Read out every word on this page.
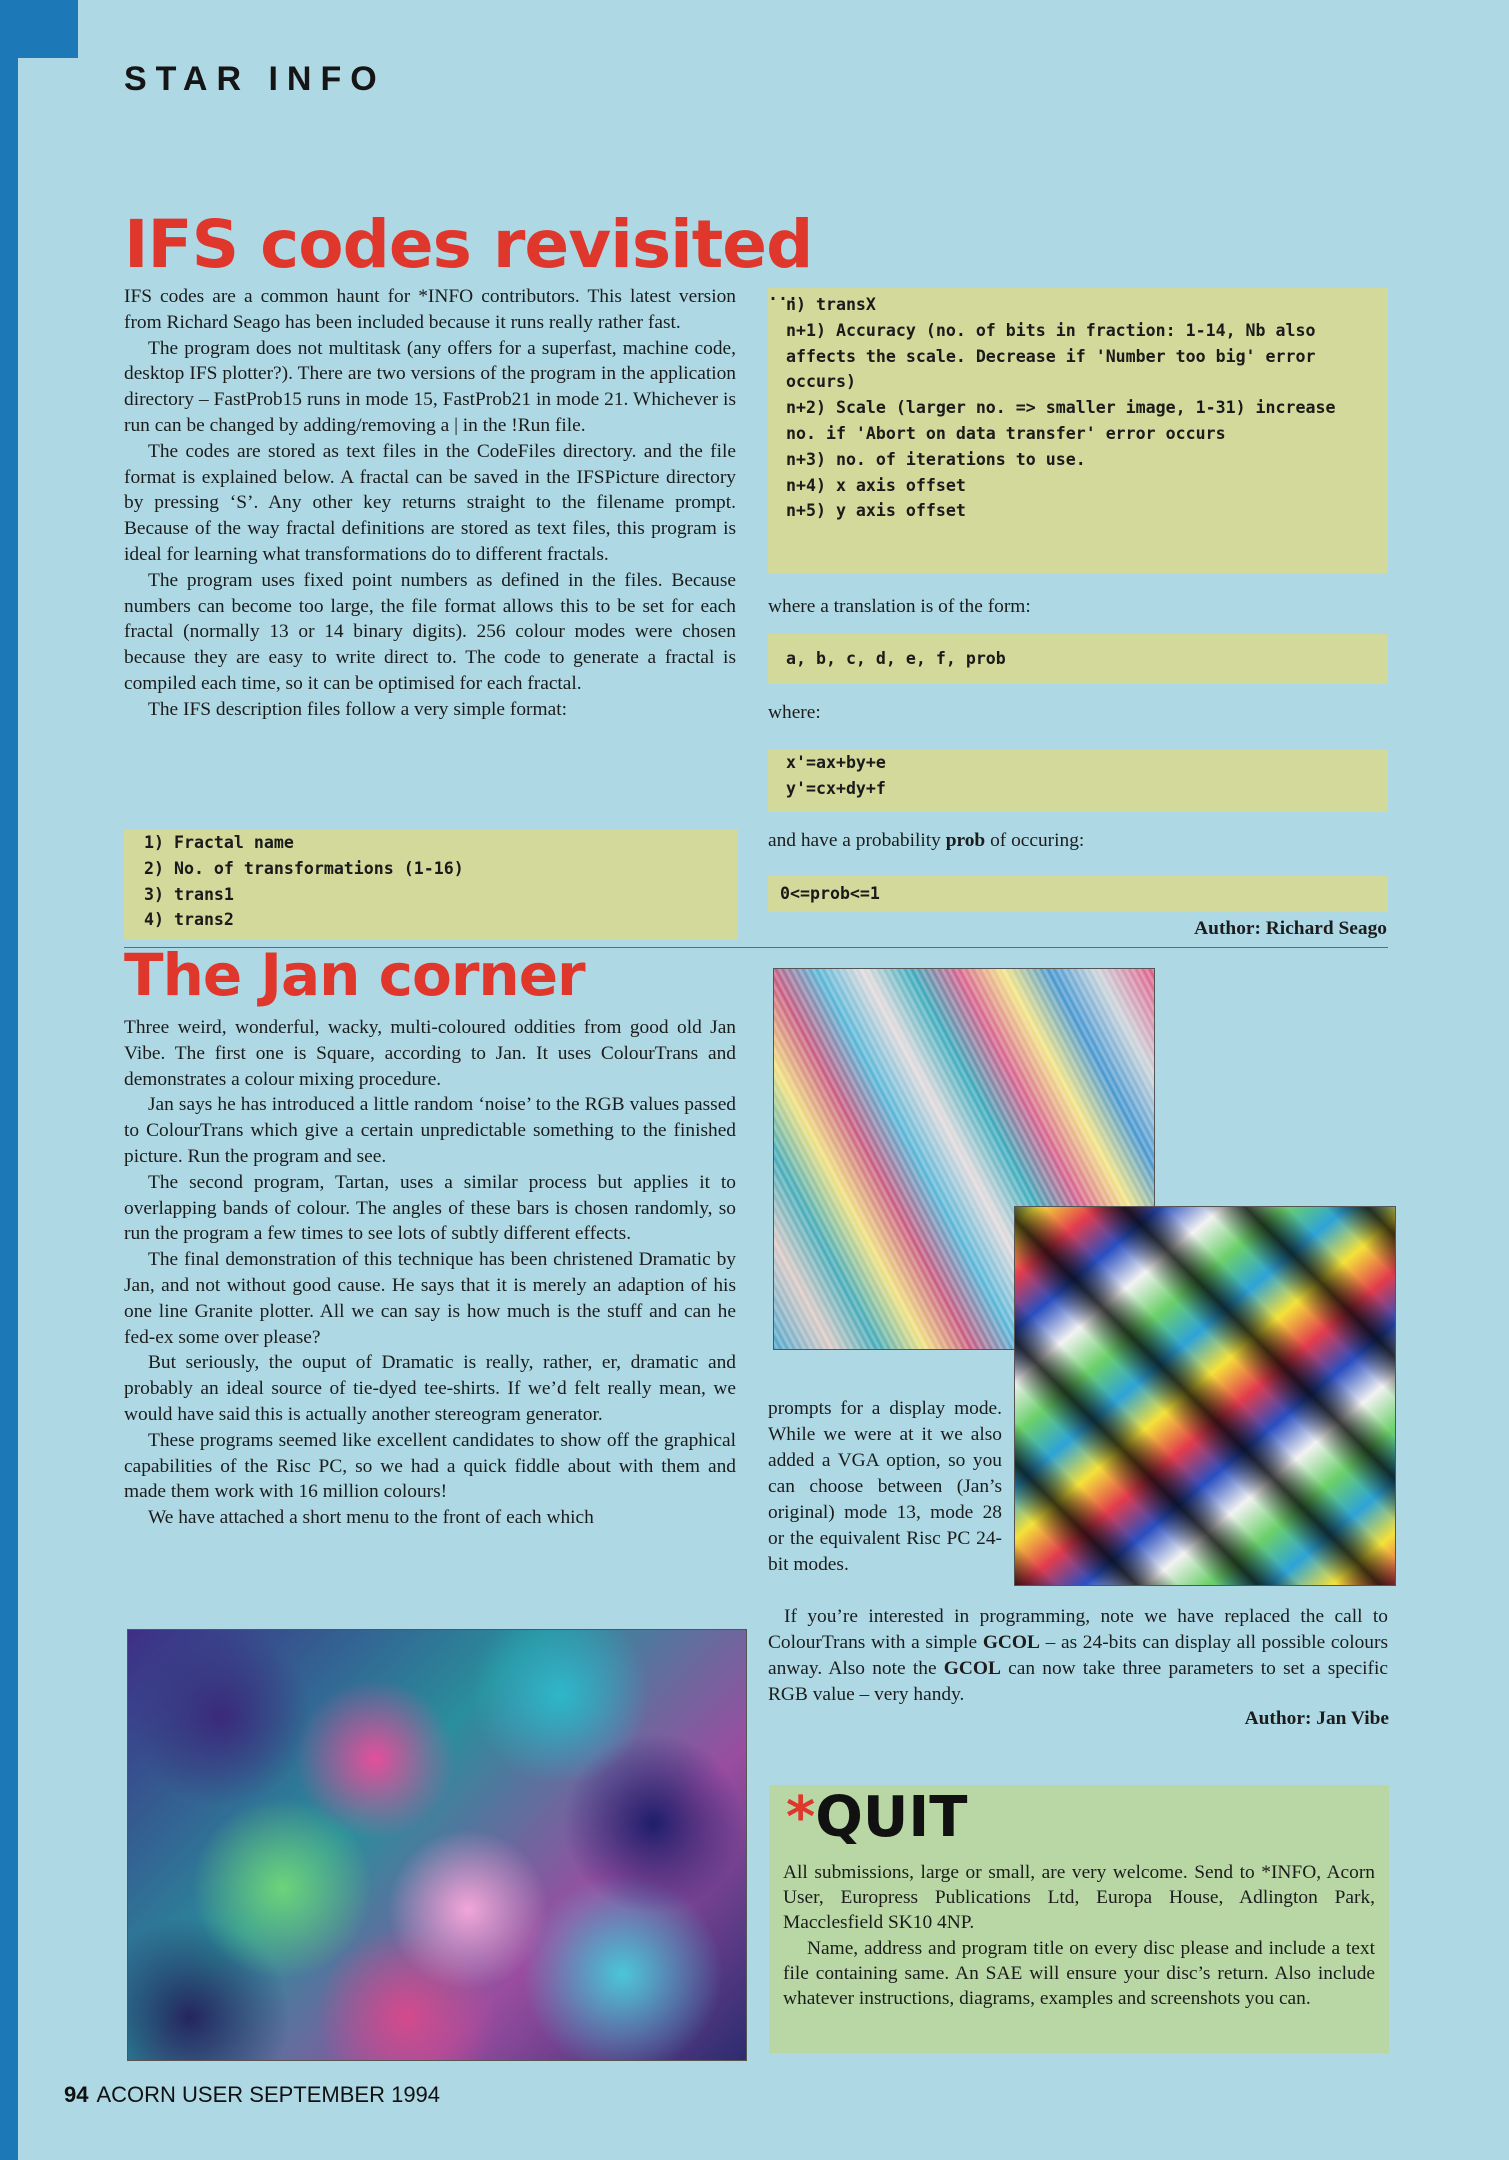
STAR INFO
IFS codes revisited

IFS codes are a common haunt for *INFO contributors. This latest version from Richard Seago has been included because it runs really rather fast.

The program does not multitask (any offers for a superfast, machine code, desktop IFS plotter?). There are two versions of the program in the application directory – FastProb15 runs in mode 15, FastProb21 in mode 21. Whichever is run can be changed by adding/removing a | in the !Run file.

The codes are stored as text files in the CodeFiles directory. and the file format is explained below. A fractal can be saved in the IFSPicture directory by pressing ‘S’. Any other key returns straight to the filename prompt. Because of the way fractal definitions are stored as text files, this program is ideal for learning what transformations do to different fractals.

The program uses fixed point numbers as defined in the files. Because numbers can become too large, the file format allows this to be set for each fractal (normally 13 or 14 binary digits). 256 colour modes were chosen because they are easy to write direct to. The code to generate a fractal is compiled each time, so it can be optimised for each fractal.

The IFS description files follow a very simple format:

1) Fractal name
2) No. of transformations (1-16)
3) trans1
4) trans2
...
n) transX
n+1) Accuracy (no. of bits in fraction: 1-14, Nb also affects the scale. Decrease if 'Number too big' error occurs)
n+2) Scale (larger no. => smaller image, 1-31) increase no. if 'Abort on data transfer' error occurs
n+3) no. of iterations to use.
n+4) x axis offset
n+5) y axis offset
where a translation is of the form:
a, b, c, d, e, f, prob
where:
x'=ax+by+e
y'=cx+dy+f
and have a probability prob of occuring:
0<=prob<=1
Author: Richard Seago
The Jan corner

Three weird, wonderful, wacky, multi-coloured oddities from good old Jan Vibe. The first one is Square, according to Jan. It uses ColourTrans and demonstrates a colour mixing procedure.

Jan says he has introduced a little random ‘noise’ to the RGB values passed to ColourTrans which give a certain unpredictable something to the finished picture. Run the program and see.

The second program, Tartan, uses a similar process but applies it to overlapping bands of colour. The angles of these bars is chosen randomly, so run the program a few times to see lots of subtly different effects.

The final demonstration of this technique has been christened Dramatic by Jan, and not without good cause. He says that it is merely an adaption of his one line Granite plotter. All we can say is how much is the stuff and can he fed-ex some over please?

But seriously, the ouput of Dramatic is really, rather, er, dramatic and probably an ideal source of tie-dyed tee-shirts. If we’d felt really mean, we would have said this is actually another stereogram generator.

These programs seemed like excellent candidates to show off the graphical capabilities of the Risc PC, so we had a quick fiddle about with them and made them work with 16 million colours!

We have attached a short menu to the front of each which

prompts for a display mode. While we were at it we also added a VGA option, so you can choose between (Jan’s original) mode 13, mode 28 or the equivalent Risc PC 24-bit modes.

If you’re interested in programming, note we have replaced the call to ColourTrans with a simple GCOL – as 24-bits can display all possible colours anway. Also note the GCOL can now take three parameters to set a specific RGB value – very handy.

Author: Jan Vibe
*QUIT

All submissions, large or small, are very welcome. Send to *INFO, Acorn User, Europress Publications Ltd, Europa House, Adlington Park, Macclesfield SK10 4NP.

Name, address and program title on every disc please and include a text file containing same. An SAE will ensure your disc’s return. Also include whatever instructions, diagrams, examples and screenshots you can.

94 ACORN USER SEPTEMBER 1994
